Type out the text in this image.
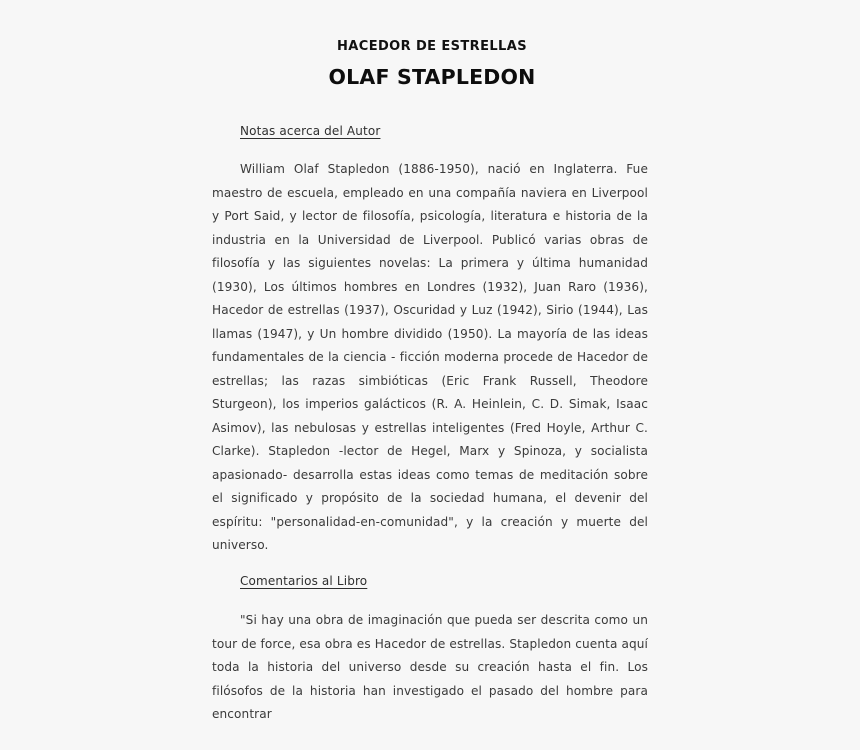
HACEDOR DE ESTRELLAS
OLAF STAPLEDON
Notas acerca del Autor

William Olaf Stapledon (1886-1950), nació en Inglaterra. Fue maestro de escuela, empleado en una compañía naviera en Liverpool y Port Said, y lector de filosofía, psicología, literatura e historia de la industria en la Universidad de Liverpool. Publicó varias obras de filosofía y las siguientes novelas: La primera y última humanidad (1930), Los últimos hombres en Londres (1932), Juan Raro (1936), Hacedor de estrellas (1937), Oscuridad y Luz (1942), Sirio (1944), Las llamas (1947), y Un hombre dividido (1950). La mayoría de las ideas fundamentales de la ciencia - ficción moderna procede de Hacedor de estrellas; las razas simbióticas (Eric Frank Russell, Theodore Sturgeon), los imperios galácticos (R. A. Heinlein, C. D. Simak, Isaac Asimov), las nebulosas y estrellas inteligentes (Fred Hoyle, Arthur C. Clarke). Stapledon -lector de Hegel, Marx y Spinoza, y socialista apasionado- desarrolla estas ideas como temas de meditación sobre el significado y propósito de la sociedad humana, el devenir del espíritu: "personalidad-en-comunidad", y la creación y muerte del universo.

Comentarios al Libro

"Si hay una obra de imaginación que pueda ser descrita como un tour de force, esa obra es Hacedor de estrellas. Stapledon cuenta aquí toda la historia del universo desde su creación hasta el fin. Los filósofos de la historia han investigado el pasado del hombre para encontrar
